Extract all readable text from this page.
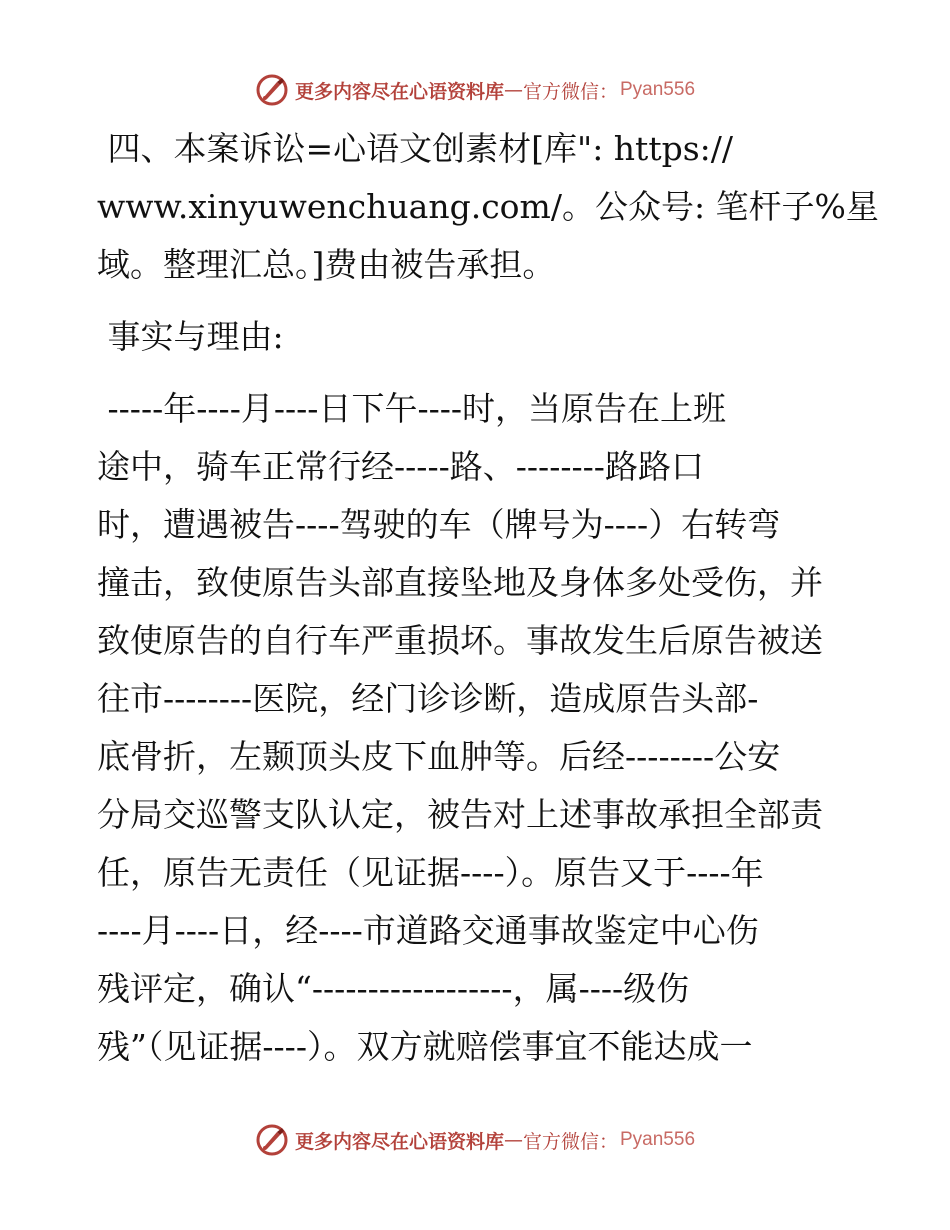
更多内容尽在心语资料库 — 官方微信： Pyan556
四、本案诉讼=心语文创素材[库": https://
www.xinyuwenchuang.com/。公众号: 笔杆子%星
域。整理汇总。]费由被告承担。
事实与理由:
-----年----月----日下午----时，当原告在上班
途中，骑车正常行经-----路、--------路路口
时，遭遇被告----驾驶的车（牌号为----）右转弯
撞击，致使原告头部直接坠地及身体多处受伤，并
致使原告的自行车严重损坏。事故发生后原告被送
往市--------医院，经门诊诊断，造成原告头部-
底骨折，左颞顶头皮下血肿等。后经--------公安
分局交巡警支队认定，被告对上述事故承担全部责
任，原告无责任（见证据----）。原告又于----年
----月----日，经----市道路交通事故鉴定中心伤
残评定，确认“------------------，属----级伤
残”（见证据----）。双方就赔偿事宜不能达成一
更多内容尽在心语资料库 — 官方微信： Pyan556
